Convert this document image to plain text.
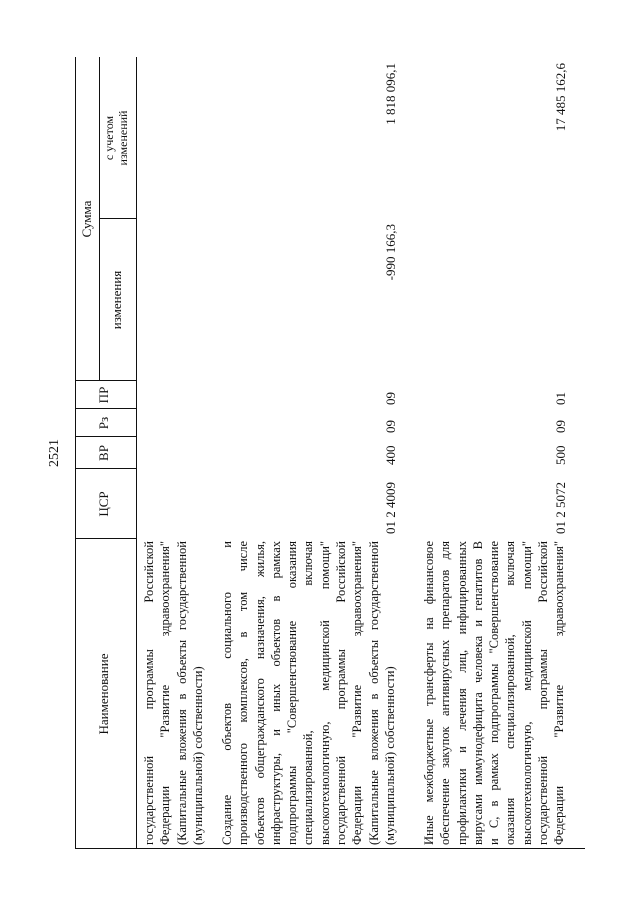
2521
Наименование
ЦСР
ВР
Рз
ПР
Сумма
изменения
с учетом изменений
государственной программы Российской Федерации "Развитие здравоохранения" (Капитальные вложения в объекты государственной (муниципальной) собственности) Создание объектов социального и производственного комплексов, в том числе объектов общегражданского назначения, жилья, инфраструктуры, и иных объектов в рамках подпрограммы "Совершенствование оказания специализированной, включая высокотехнологичную, медицинской помощи" государственной программы Российской Федерации "Развитие здравоохранения" (Капитальные вложения в объекты государственной (муниципальной) собственности)
01 2 4009
400
09
09
-990 166,3
1 818 096,1
Иные межбюджетные трансферты на финансовое обеспечение закупок антивирусных препаратов для профилактики и лечения лиц, инфицированных вирусами иммунодефицита человека и гепатитов B и C, в рамках подпрограммы "Совершенствование оказания специализированной, включая высокотехнологичную, медицинской помощи" государственной программы Российской Федерации "Развитие здравоохранения"
01 2 5072
500
09
01
17 485 162,6
